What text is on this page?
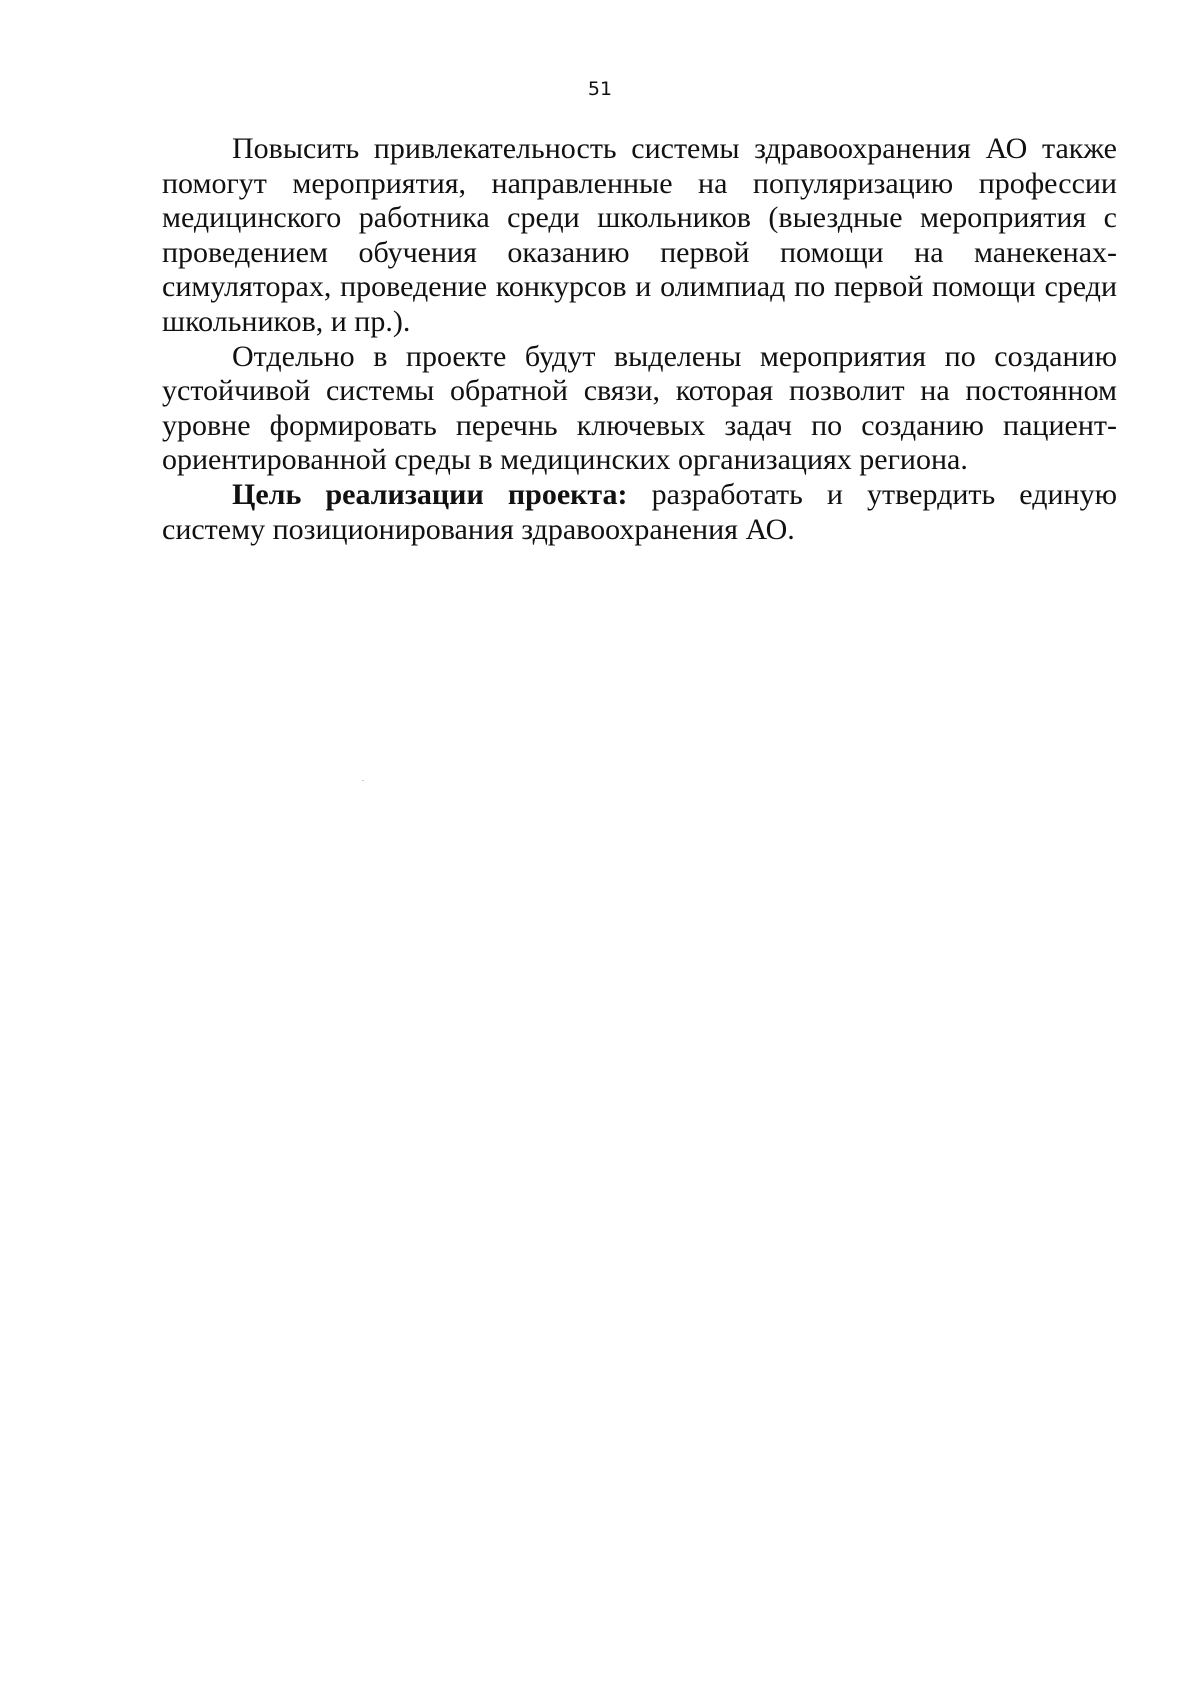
51

Повысить привлекательность системы здравоохранения АО также помогут мероприятия, направленные на популяризацию профессии медицинского работника среди школьников (выездные мероприятия с проведением обучения оказанию первой помощи на манекенах-симуляторах, проведение конкурсов и олимпиад по первой помощи среди школьников, и пр.).

Отдельно в проекте будут выделены мероприятия по созданию устойчивой системы обратной связи, которая позволит на постоянном уровне формировать перечнь ключевых задач по созданию пациент-ориентированной среды в медицинских организациях региона.

Цель реализации проекта: разработать и утвердить единую систему позиционирования здравоохранения АО.
